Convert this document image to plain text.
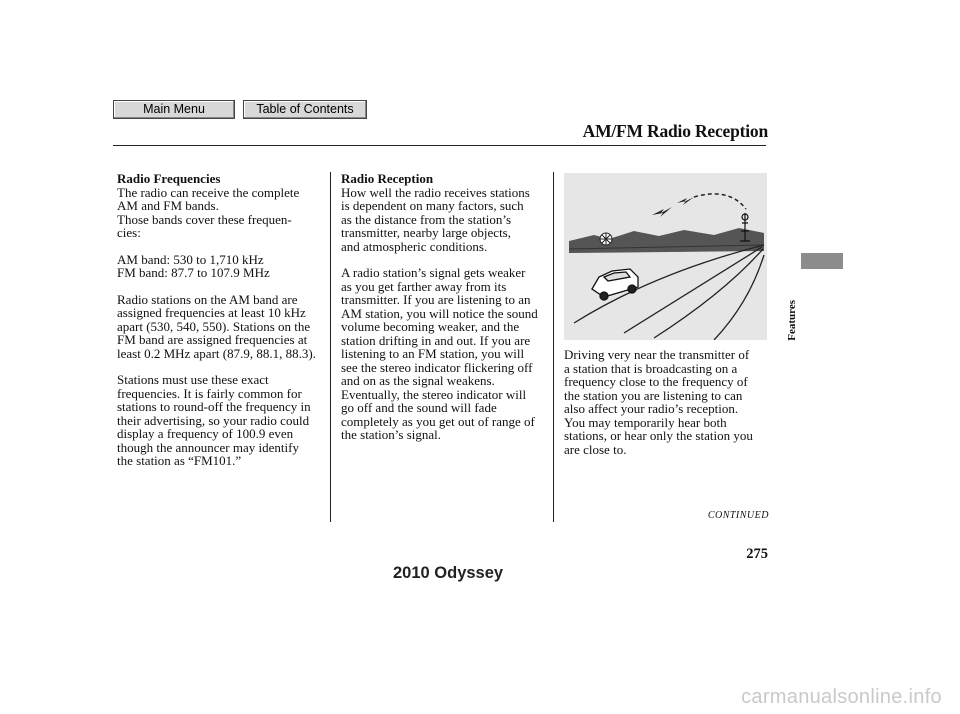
Main Menu	Table of Contents
AM/FM Radio Reception
Features
Radio Frequencies

The radio can receive the complete
AM and FM bands.
Those bands cover these frequen-
cies:

AM band: 530 to 1,710 kHz
FM band: 87.7 to 107.9 MHz

Radio stations on the AM band are
assigned frequencies at least 10 kHz
apart (530, 540, 550). Stations on the
FM band are assigned frequencies at
least 0.2 MHz apart (87.9, 88.1, 88.3).

Stations must use these exact
frequencies. It is fairly common for
stations to round-off the frequency in
their advertising, so your radio could
display a frequency of 100.9 even
though the announcer may identify
the station as “FM101.”

Radio Reception

How well the radio receives stations
is dependent on many factors, such
as the distance from the station’s
transmitter, nearby large objects,
and atmospheric conditions.

A radio station’s signal gets weaker
as you get farther away from its
transmitter. If you are listening to an
AM station, you will notice the sound
volume becoming weaker, and the
station drifting in and out. If you are
listening to an FM station, you will
see the stereo indicator flickering off
and on as the signal weakens.
Eventually, the stereo indicator will
go off and the sound will fade
completely as you get out of range of
the station’s signal.

Driving very near the transmitter of
a station that is broadcasting on a
frequency close to the frequency of
the station you are listening to can
also affect your radio’s reception.
You may temporarily hear both
stations, or hear only the station you
are close to.

CONTINUED
275
2010 Odyssey
carmanualsonline.info
